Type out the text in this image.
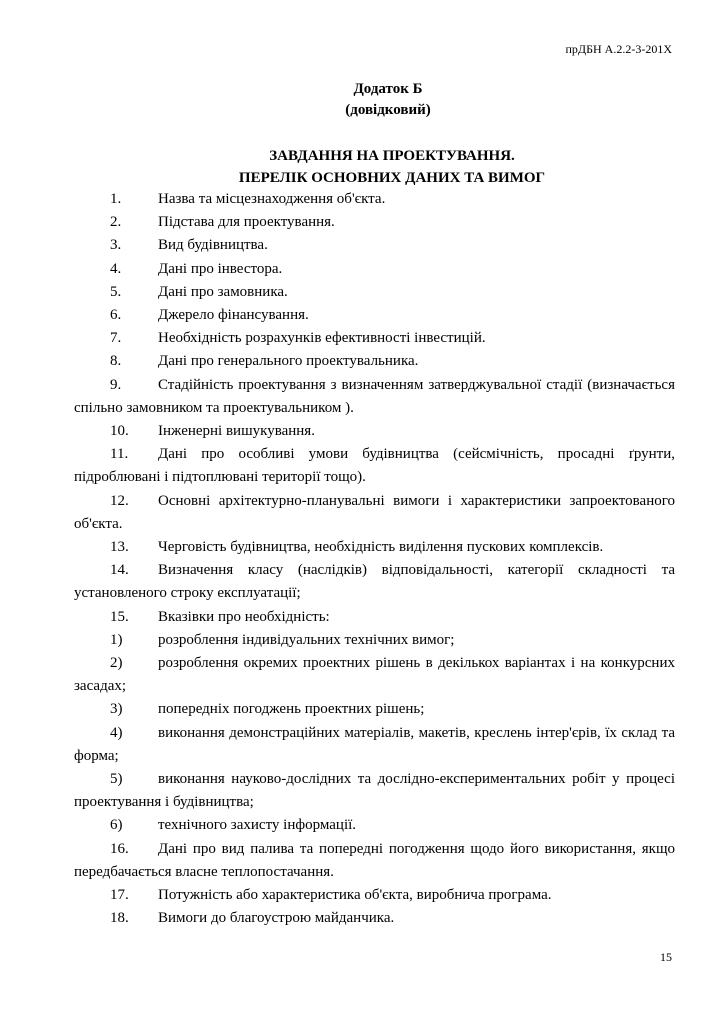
прДБН А.2.2-3-201Х
Додаток Б
(довідковий)
ЗАВДАННЯ НА ПРОЕКТУВАННЯ.
ПЕРЕЛІК ОСНОВНИХ ДАНИХ ТА ВИМОГ

1. Назва та місцезнаходження об'єкта.

2. Підстава для проектування.

3. Вид будівництва.

4. Дані про інвестора.

5. Дані про замовника.

6. Джерело фінансування.

7. Необхідність розрахунків ефективності інвестицій.

8. Дані про генерального проектувальника.

9. Стадійність проектування з визначенням затверджувальної стадії (визначається спільно замовником та проектувальником ).

10. Інженерні вишукування.

11. Дані про особливі умови будівництва (сейсмічність, просадні ґрунти, підроблювані і підтоплювані території тощо).

12. Основні архітектурно-планувальні вимоги і характеристики запроектованого об'єкта.

13. Черговість будівництва, необхідність виділення пускових комплексів.

14. Визначення класу (наслідків) відповідальності, категорії складності та установленого строку експлуатації;

15. Вказівки про необхідність:

1) розроблення індивідуальних технічних вимог;

2) розроблення окремих проектних рішень в декількох варіантах і на конкурсних засадах;

3) попередніх погоджень проектних рішень;

4) виконання демонстраційних матеріалів, макетів, креслень інтер'єрів, їх склад та форма;

5) виконання науково-дослідних та дослідно-експериментальних робіт у процесі проектування і будівництва;

6) технічного захисту інформації.

16. Дані про вид палива та попередні погодження щодо його використання, якщо передбачається власне теплопостачання.

17. Потужність або характеристика об'єкта, виробнича програма.

18. Вимоги до благоустрою майданчика.

15
